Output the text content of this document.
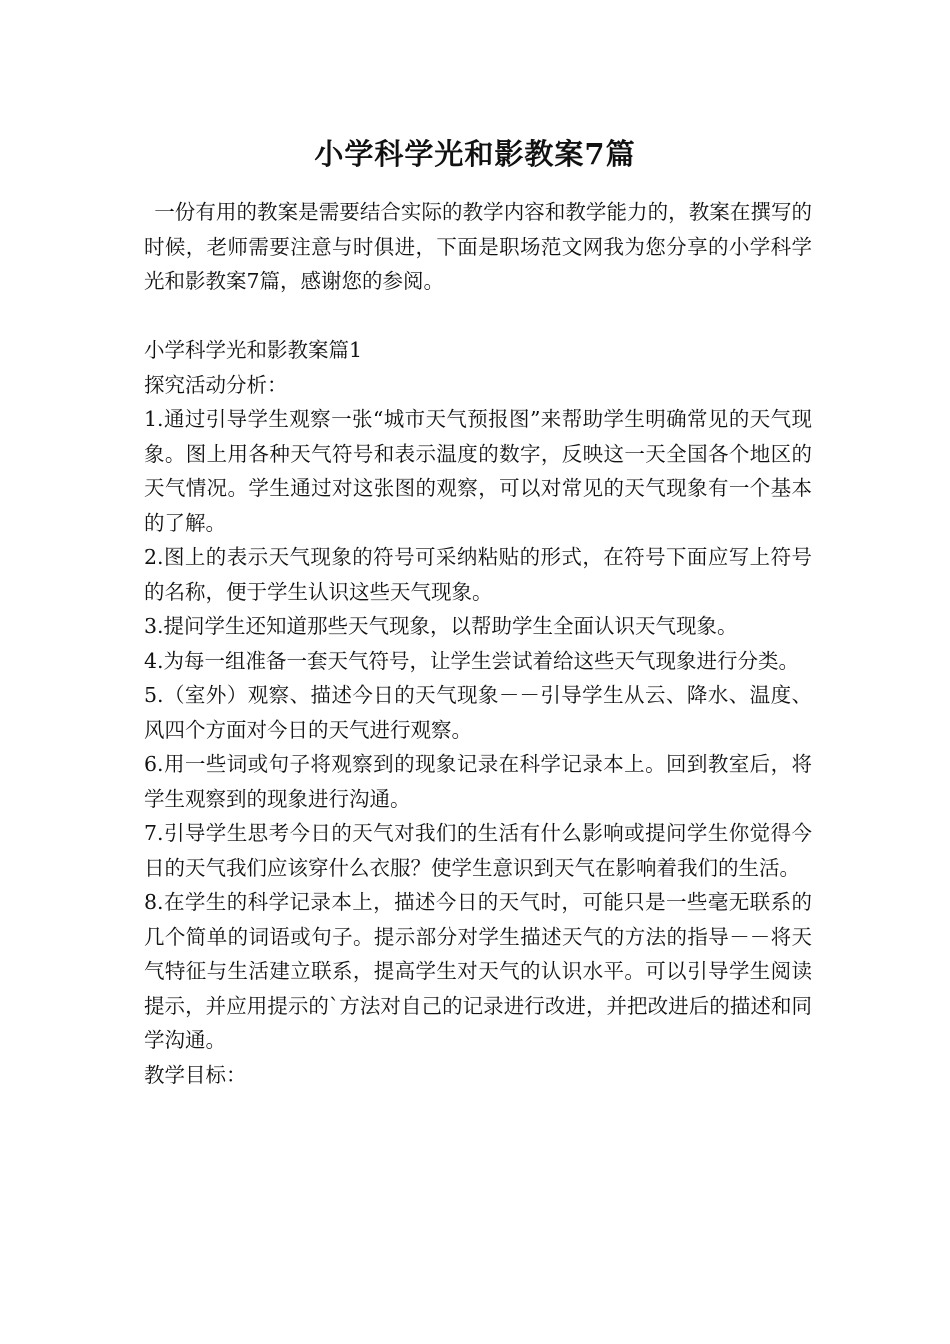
小学科学光和影教案7篇

一份有用的教案是需要结合实际的教学内容和教学能力的，教案在撰写的时候，老师需要注意与时俱进，下面是职场范文网我为您分享的小学科学光和影教案7篇，感谢您的参阅。

小学科学光和影教案篇1

探究活动分析：

1.通过引导学生观察一张“城市天气预报图”来帮助学生明确常见的天气现象。图上用各种天气符号和表示温度的数字，反映这一天全国各个地区的天气情况。学生通过对这张图的观察，可以对常见的天气现象有一个基本的了解。

2.图上的表示天气现象的符号可采纳粘贴的形式，在符号下面应写上符号的名称，便于学生认识这些天气现象。

3.提问学生还知道那些天气现象，以帮助学生全面认识天气现象。

4.为每一组准备一套天气符号，让学生尝试着给这些天气现象进行分类。

5.（室外）观察、描述今日的天气现象－－引导学生从云、降水、温度、风四个方面对今日的天气进行观察。

6.用一些词或句子将观察到的现象记录在科学记录本上。回到教室后，将学生观察到的现象进行沟通。

7.引导学生思考今日的天气对我们的生活有什么影响或提问学生你觉得今日的天气我们应该穿什么衣服？使学生意识到天气在影响着我们的生活。

8.在学生的科学记录本上，描述今日的天气时，可能只是一些毫无联系的几个简单的词语或句子。提示部分对学生描述天气的方法的指导－－将天气特征与生活建立联系，提高学生对天气的认识水平。可以引导学生阅读提示，并应用提示的`方法对自己的记录进行改进，并把改进后的描述和同学沟通。

教学目标：
